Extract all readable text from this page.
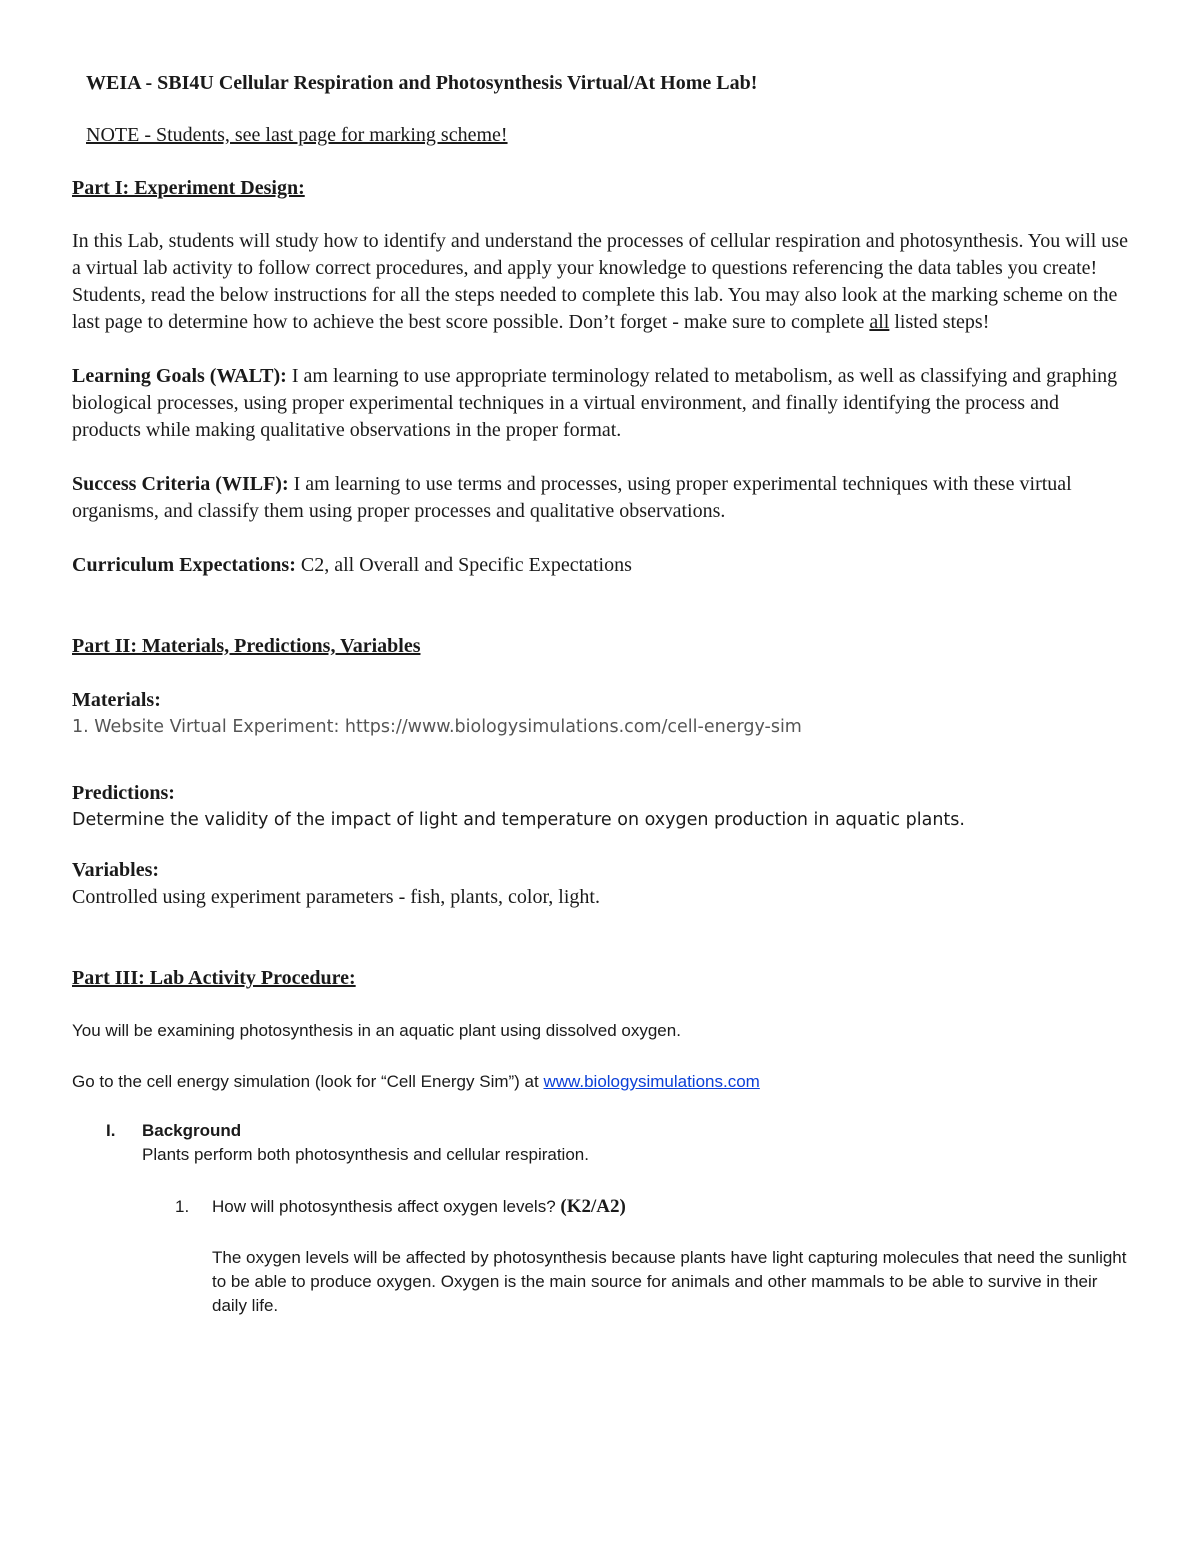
WEIA - SBI4U Cellular Respiration and Photosynthesis Virtual/At Home Lab!

NOTE - Students, see last page for marking scheme!

Part I: Experiment Design:

In this Lab, students will study how to identify and understand the processes of cellular respiration and photosynthesis. You will use a virtual lab activity to follow correct procedures, and apply your knowledge to questions referencing the data tables you create!

Students, read the below instructions for all the steps needed to complete this lab. You may also look at the marking scheme on the last page to determine how to achieve the best score possible. Don’t forget - make sure to complete all listed steps!

Learning Goals (WALT): I am learning to use appropriate terminology related to metabolism, as well as classifying and graphing biological processes, using proper experimental techniques in a virtual environment, and finally identifying the process and products while making qualitative observations in the proper format.

Success Criteria (WILF): I am learning to use terms and processes, using proper experimental techniques with these virtual organisms, and classify them using proper processes and qualitative observations.

Curriculum Expectations: C2, all Overall and Specific Expectations

Part II: Materials, Predictions, Variables

Materials:

1. Website Virtual Experiment: https://www.biologysimulations.com/cell-energy-sim

Predictions:

Determine the validity of the impact of light and temperature on oxygen production in aquatic plants.

Variables:

Controlled using experiment parameters - fish, plants, color, light.

Part III: Lab Activity Procedure:

You will be examining photosynthesis in an aquatic plant using dissolved oxygen.

Go to the cell energy simulation (look for “Cell Energy Sim”) at www.biologysimulations.com

I. Background

Plants perform both photosynthesis and cellular respiration.

1. How will photosynthesis affect oxygen levels? (K2/A2)

The oxygen levels will be affected by photosynthesis because plants have light capturing molecules that need the sunlight to be able to produce oxygen. Oxygen is the main source for animals and other mammals to be able to survive in their daily life.
